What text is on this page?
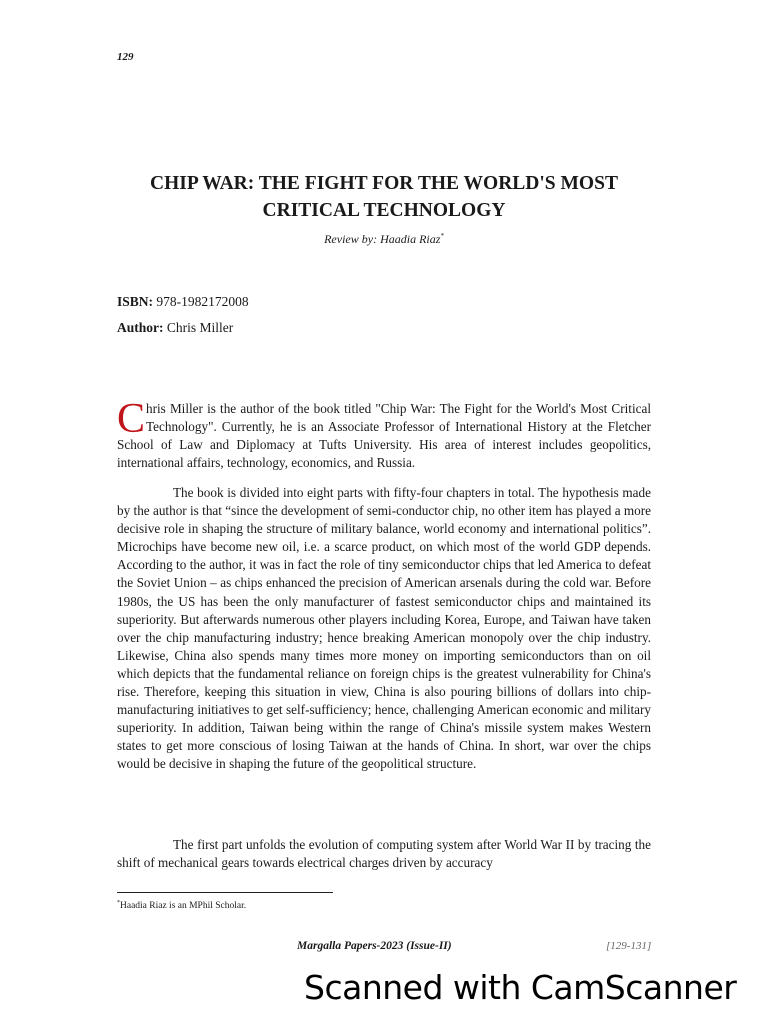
129
CHIP WAR: THE FIGHT FOR THE WORLD'S MOST CRITICAL TECHNOLOGY
Review by: Haadia Riaz*
ISBN: 978-1982172008
Author: Chris Miller

Chris Miller is the author of the book titled "Chip War: The Fight for the World's Most Critical Technology". Currently, he is an Associate Professor of International History at the Fletcher School of Law and Diplomacy at Tufts University. His area of interest includes geopolitics, international affairs, technology, economics, and Russia.

The book is divided into eight parts with fifty-four chapters in total. The hypothesis made by the author is that “since the development of semi-conductor chip, no other item has played a more decisive role in shaping the structure of military balance, world economy and international politics”. Microchips have become new oil, i.e. a scarce product, on which most of the world GDP depends. According to the author, it was in fact the role of tiny semiconductor chips that led America to defeat the Soviet Union – as chips enhanced the precision of American arsenals during the cold war. Before 1980s, the US has been the only manufacturer of fastest semiconductor chips and maintained its superiority. But afterwards numerous other players including Korea, Europe, and Taiwan have taken over the chip manufacturing industry; hence breaking American monopoly over the chip industry. Likewise, China also spends many times more money on importing semiconductors than on oil which depicts that the fundamental reliance on foreign chips is the greatest vulnerability for China's rise. Therefore, keeping this situation in view, China is also pouring billions of dollars into chip-manufacturing initiatives to get self-sufficiency; hence, challenging American economic and military superiority. In addition, Taiwan being within the range of China's missile system makes Western states to get more conscious of losing Taiwan at the hands of China. In short, war over the chips would be decisive in shaping the future of the geopolitical structure.

The first part unfolds the evolution of computing system after World War II by tracing the shift of mechanical gears towards electrical charges driven by accuracy

*Haadia Riaz is an MPhil Scholar.
Margalla Papers-2023 (Issue-II)	[129-131]
Scanned with CamScanner
